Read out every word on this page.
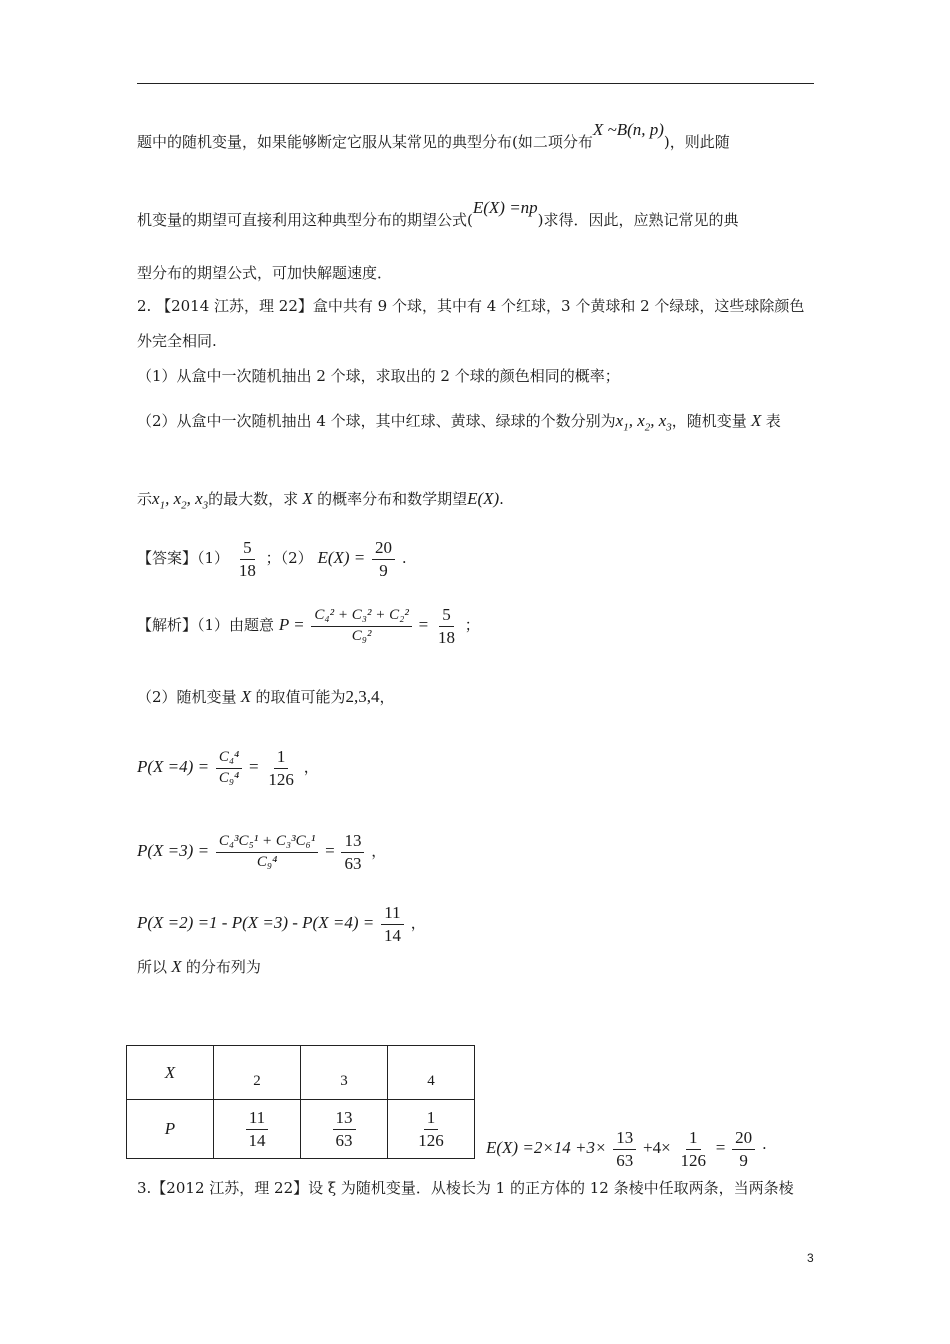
题中的随机变量，如果能够断定它服从某常见的典型分布(如二项分布X ~B(n, p))，则此随
机变量的期望可直接利用这种典型分布的期望公式(E(X) =np)求得．因此，应熟记常见的典
型分布的期望公式，可加快解题速度．
2. 【2014 江苏，理 22】盒中共有 9 个球，其中有 4 个红球，3 个黄球和 2 个绿球，这些球除颜色
外完全相同.
（1）从盒中一次随机抽出 2 个球，求取出的 2 个球的颜色相同的概率；
（2）从盒中一次随机抽出 4 个球，其中红球、黄球、绿球的个数分别为$x_1$, $x_2$, $x_3$，随机变量 X 表
示$x_1$, $x_2$, $x_3$的最大数，求 X 的概率分布和数学期望E(X).
【答案】$(1) \frac{5}{18}$ ；（2） $E(X) = \frac{20}{9}$ .
【解析】（1）由题意 $P = \frac{\text{C₄² + C₃² + C₂²}}{\text{C₉²}} = \frac{5}{18}$ ；
（2）随机变量 X 的取值可能为2,3,4，
$P(X =4) = \frac{\text{C₄⁴}}{\text{C₉⁴}} = \frac{1}{126}$ ，
$P(X =3) = \frac{\text{C₄³C₅¹ + C₃³C₆¹}}{\text{C₉⁴}} = \frac{13}{63}$ ，
$P(X =2) =1 - P(X =3) - P(X =4) = \frac{11}{14}$ ，
所以 X 的分布列为
X	2	3	4
P	$\frac{11}{14}$	$\frac{13}{63}$	$\frac{1}{126} E(X) =2\times 14 +3\times \frac{13}{63} +4\times \frac{1}{126} = \frac{20}{9}$ ·
3.【2012 江苏，理 22】设 ξ 为随机变量．从棱长为 1 的正方体的 12 条棱中任取两条，当两条棱
3
